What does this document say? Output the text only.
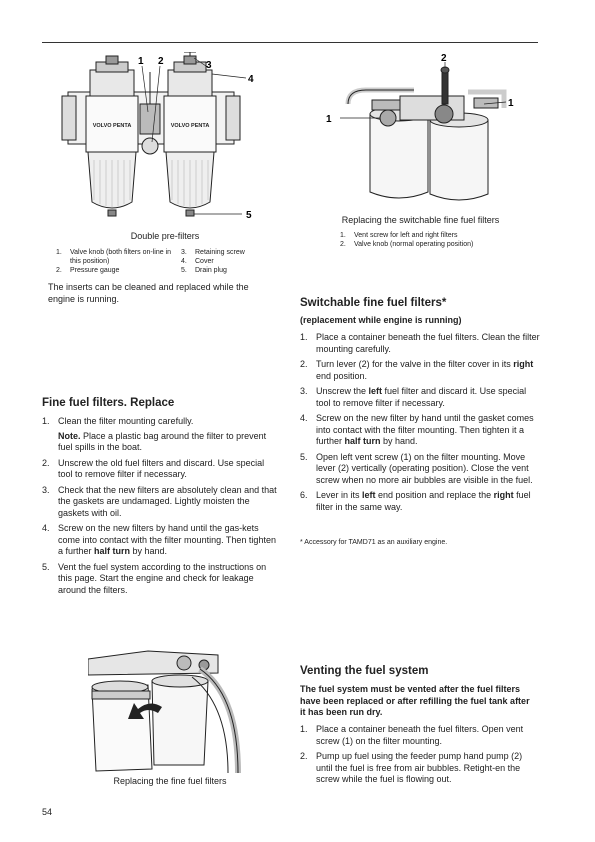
VOLVO PENTA	VOLVO PENTA
1 2	3
4
5
Double pre-filters
1.	Valve knob (both filters on-line in this position)
2.	Pressure gauge
3.	Retaining screw
4.	Cover
5.	Drain plug
The inserts can be cleaned and replaced while the engine is running.
2
1
1
Replacing the switchable fine fuel filters
1.	Vent screw for left and right filters
2.	Valve knob (normal operating position)
Fine fuel filters. Replace
1. Clean the filter mounting carefully.
Note. Place a plastic bag around the filter to prevent fuel spills in the boat.
2. Unscrew the old fuel filters and discard. Use special tool to remove filter if necessary.
3. Check that the new filters are absolutely clean and that the gaskets are undamaged. Lightly moisten the gaskets with oil.
4. Screw on the new filters by hand until the gas-kets come into contact with the filter mounting. Then tighten a further half turn by hand.
5. Vent the fuel system according to the instructions on this page. Start the engine and check for leakage around the filters.
Switchable fine fuel filters*
(replacement while engine is running)
1. Place a container beneath the fuel filters. Clean the filter mounting carefully.
2. Turn lever (2) for the valve in the filter cover in its right end position.
3. Unscrew the left fuel filter and discard it. Use special tool to remove filter if necessary.
4. Screw on the new filter by hand until the gasket comes into contact with the filter mounting. Then tighten it a further half turn by hand.
5. Open left vent screw (1) on the filter mounting. Move lever (2) vertically (operating position). Close the vent screw when no more air bubbles are visible in the fuel.
6. Lever in its left end position and replace the right fuel filter in the same way.
* Accessory for TAMD71 as an auxiliary engine.
Replacing the fine fuel filters
Venting the fuel system
The fuel system must be vented after the fuel filters have been replaced or after refilling the fuel tank after it has been run dry.
1. Place a container beneath the fuel filters. Open vent screw (1) on the filter mounting.
2. Pump up fuel using the feeder pump hand pump (2) until the fuel is free from air bubbles. Retight-en the screw while the fuel is flowing out.
54
